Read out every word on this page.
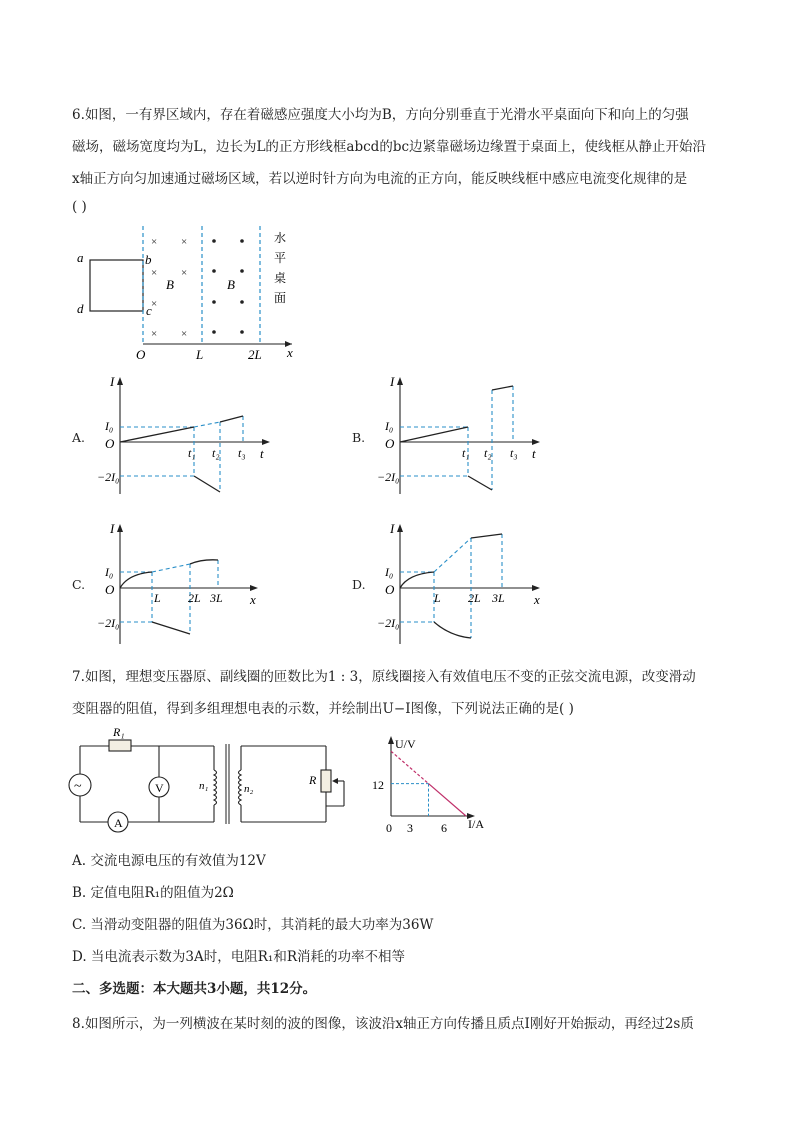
6.如图，一有界区域内，存在着磁感应强度大小均为B，方向分别垂直于光滑水平桌面向下和向上的匀强
磁场，磁场宽度均为L，边长为L的正方形线框abcd的bc边紧靠磁场边缘置于桌面上，使线框从静止开始沿
x轴正方向匀加速通过磁场区域，若以逆时针方向为电流的正方向，能反映线框中感应电流变化规律的是
( )
a	b
d	c
× ×
× ×
×
× ×
B	B
O	L	2L x
水
平
桌
面
A.
I
I₀
O
−2I₀
t₁ t₂ t₃ t
B.
I
I₀
O
−2I₀
t₁ t₂ t₃ t
C.
I
I₀
O
−2I₀
L 2L 3L x
D.
I
I₀
O
−2I₀
L 2L 3L x
7.如图，理想变压器原、副线圈的匝数比为1 : 3，原线圈接入有效值电压不变的正弦交流电源，改变滑动
变阻器的阻值，得到多组理想电表的示数，并绘制出U−I图像，下列说法正确的是( )
R₁
n₁	n₂
R
V
A
~
U/V
I/A
12
0 3 6
A. 交流电源电压的有效值为12V
B. 定值电阻R₁的阻值为2Ω
C. 当滑动变阻器的阻值为36Ω时，其消耗的最大功率为36W
D. 当电流表示数为3A时，电阻R₁和R消耗的功率不相等
二、多选题：本大题共3小题，共12分。
8.如图所示，为一列横波在某时刻的波的图像，该波沿x轴正方向传播且质点I刚好开始振动，再经过2s质
